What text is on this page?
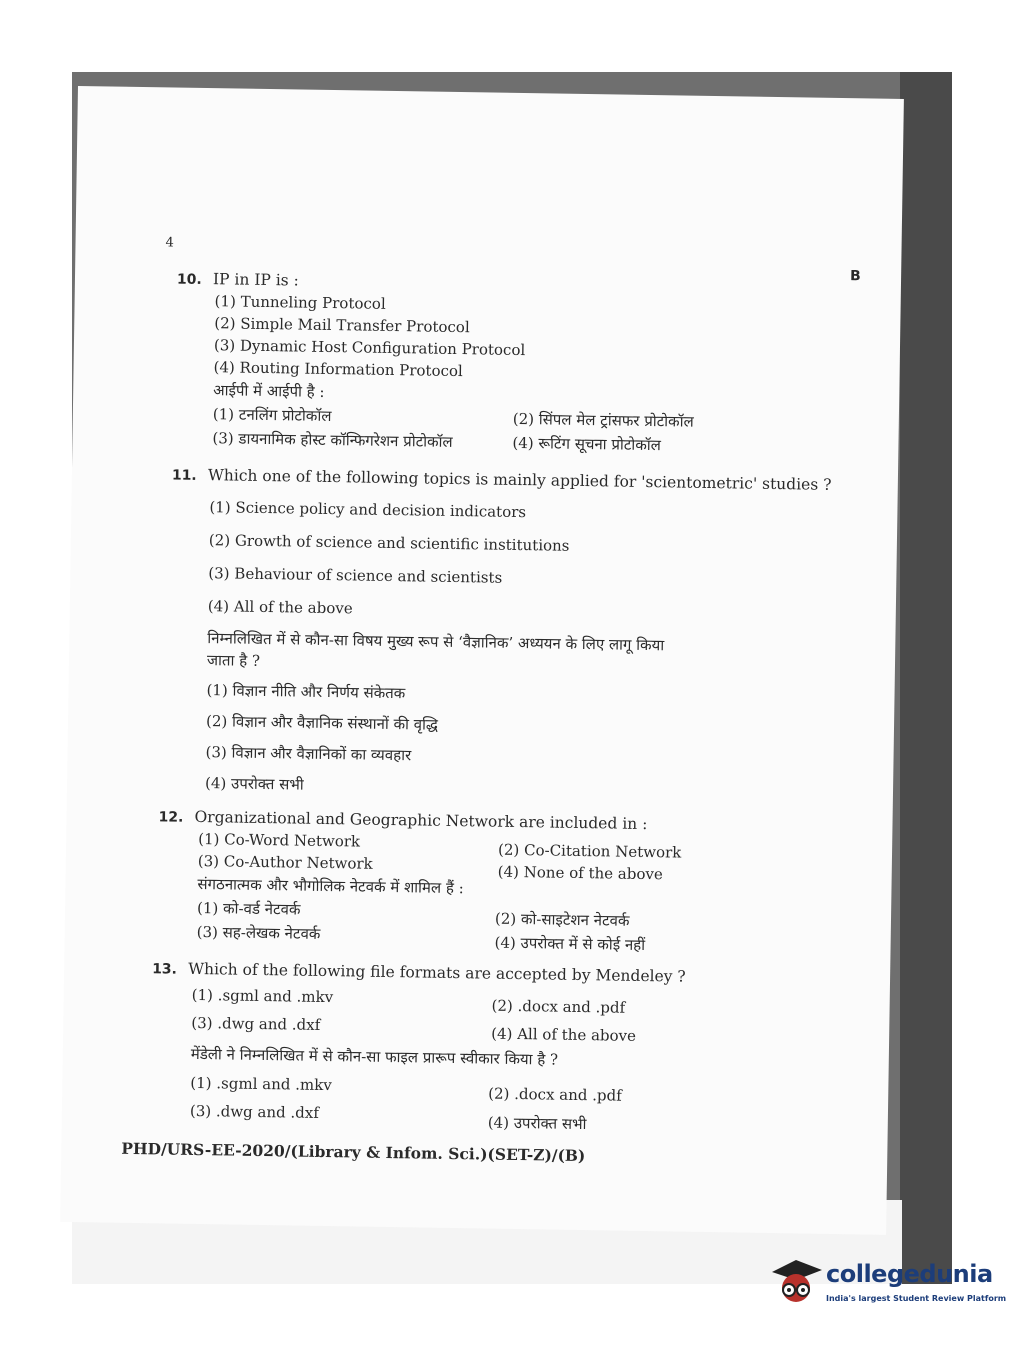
4
B
10. IP in IP is :
(1) Tunneling Protocol
(2) Simple Mail Transfer Protocol
(3) Dynamic Host Configuration Protocol
(4) Routing Information Protocol
आईपी में आईपी है :
(1) टनलिंग प्रोटोकॉल	(2) सिंपल मेल ट्रांसफर प्रोटोकॉल
(3) डायनामिक होस्ट कॉन्फिगरेशन प्रोटोकॉल	(4) रूटिंग सूचना प्रोटोकॉल
11. Which one of the following topics is mainly applied for 'scientometric' studies ?
(1) Science policy and decision indicators
(2) Growth of science and scientific institutions
(3) Behaviour of science and scientists
(4) All of the above
निम्नलिखित में से कौन-सा विषय मुख्य रूप से ‘वैज्ञानिक’ अध्ययन के लिए लागू किया
जाता है ?
(1) विज्ञान नीति और निर्णय संकेतक
(2) विज्ञान और वैज्ञानिक संस्थानों की वृद्धि
(3) विज्ञान और वैज्ञानिकों का व्यवहार
(4) उपरोक्त सभी
12. Organizational and Geographic Network are included in :
(1) Co-Word Network
(2) Co-Citation Network
(3) Co-Author Network
(4) None of the above
संगठनात्मक और भौगोलिक नेटवर्क में शामिल हैं :
(1) को-वर्ड नेटवर्क
(2) को-साइटेशन नेटवर्क
(3) सह-लेखक नेटवर्क
(4) उपरोक्त में से कोई नहीं
13. Which of the following file formats are accepted by Mendeley ?
(1) .sgml and .mkv
(2) .docx and .pdf
(3) .dwg and .dxf
(4) All of the above
मेंडेली ने निम्नलिखित में से कौन-सा फाइल प्रारूप स्वीकार किया है ?
(1) .sgml and .mkv
(2) .docx and .pdf
(3) .dwg and .dxf
(4) उपरोक्त सभी
PHD/URS-EE-2020/(Library & Infom. Sci.)(SET-Z)/(B)
collegedunia
India's largest Student Review Platform
